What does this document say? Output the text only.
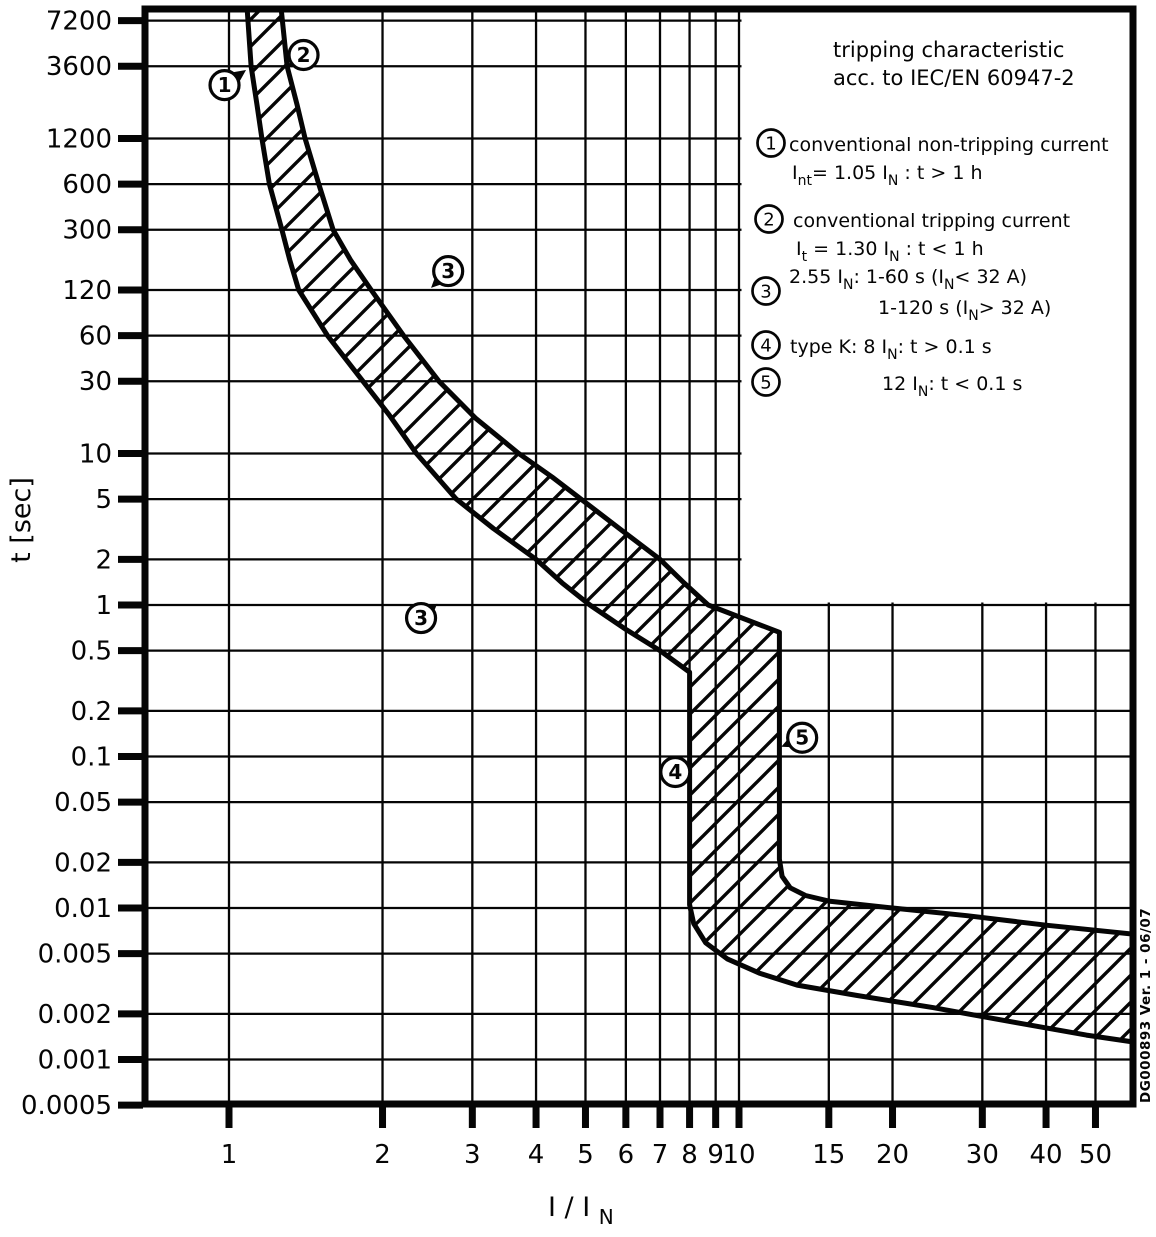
7200
3600
1200
600
300
120
60
30
10
5
2
1
0.5
0.2
0.1
0.05
0.02
0.01
0.005
0.002
0.001
0.0005
1	2	3 4 5 6 7 8 9
10 15 20 30 40 50
t [sec]
I / I $_N$
tripping characteristic
acc. to IEC/EN 60947-2
1 conventional non-tripping current
$I_{nt}= 1.05$ $I_N$ : t > 1 h
2 conventional tripping current
$I_t = 1.30$ $I_N$ : t < 1 h
3
2.55 $I_N$: 1-60 s ($I_N< 32$ A)
1-120 s ($I_N> 32$ A)
4 type K: 8 $I_N$: t > 0.1 s
5	12 $I_N$: t < 0.1 s
1
2
3
3
4
5
DG000893 Ver. 1 - 06/07
